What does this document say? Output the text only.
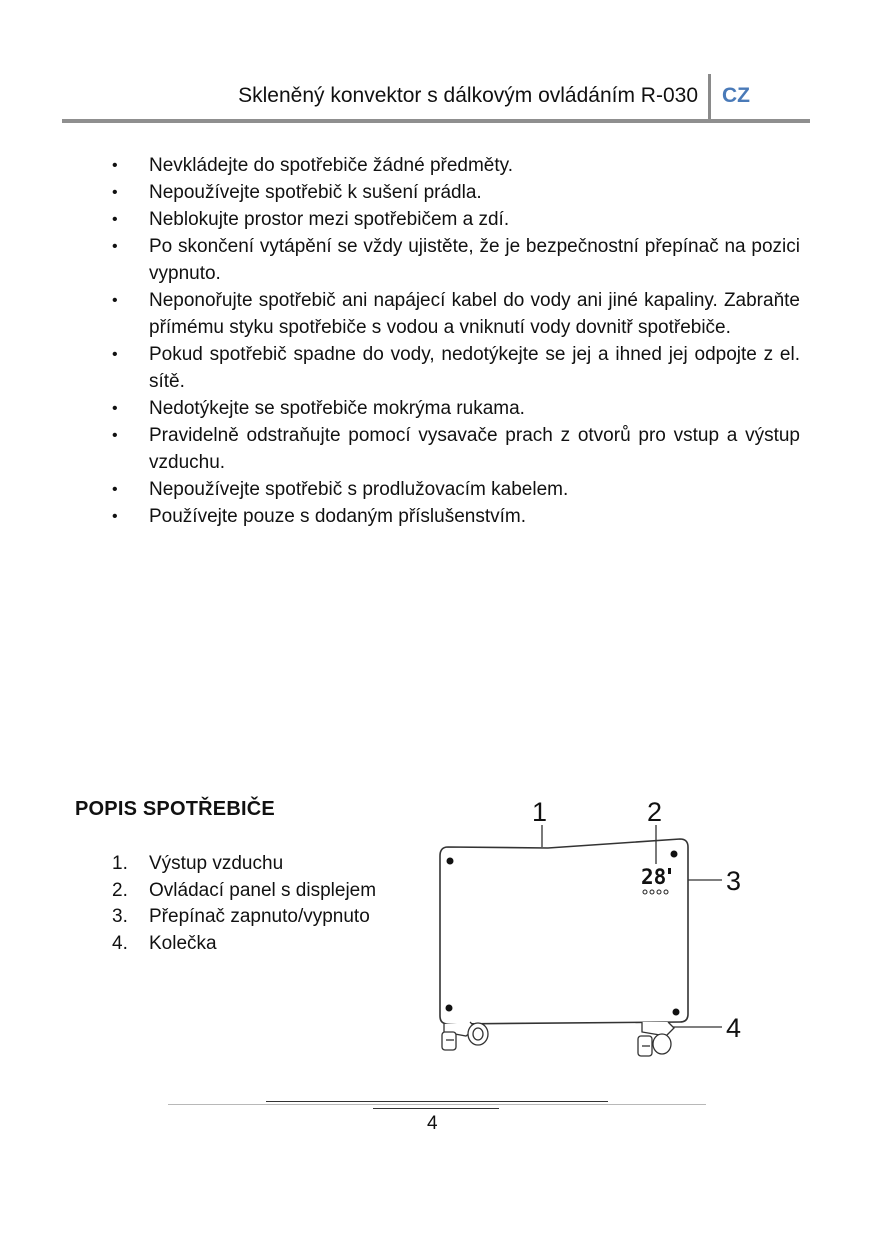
Skleněný konvektor s dálkovým ovládáním R-030 CZ
• Nevkládejte do spotřebiče žádné předměty.
• Nepoužívejte spotřebič k sušení prádla.
• Neblokujte prostor mezi spotřebičem a zdí.
• Po skončení vytápění se vždy ujistěte, že je bezpečnostní přepínač na pozici vypnuto.
• Neponořujte spotřebič ani napájecí kabel do vody ani jiné kapaliny. Zabraňte přímému styku spotřebiče s vodou a vniknutí vody dovnitř spotřebiče.
• Pokud spotřebič spadne do vody, nedotýkejte se jej a ihned jej odpojte z el. sítě.
• Nedotýkejte se spotřebiče mokrýma rukama.
• Pravidelně odstraňujte pomocí vysavače prach z otvorů pro vstup a výstup vzduchu.
• Nepoužívejte spotřebič s prodlužovacím kabelem.
• Používejte pouze s dodaným příslušenstvím.
POPIS SPOTŘEBIČE
1. Výstup vzduchu
2. Ovládací panel s displejem
3. Přepínač zapnuto/vypnuto
4. Kolečka
28
1	2
3
4
4
